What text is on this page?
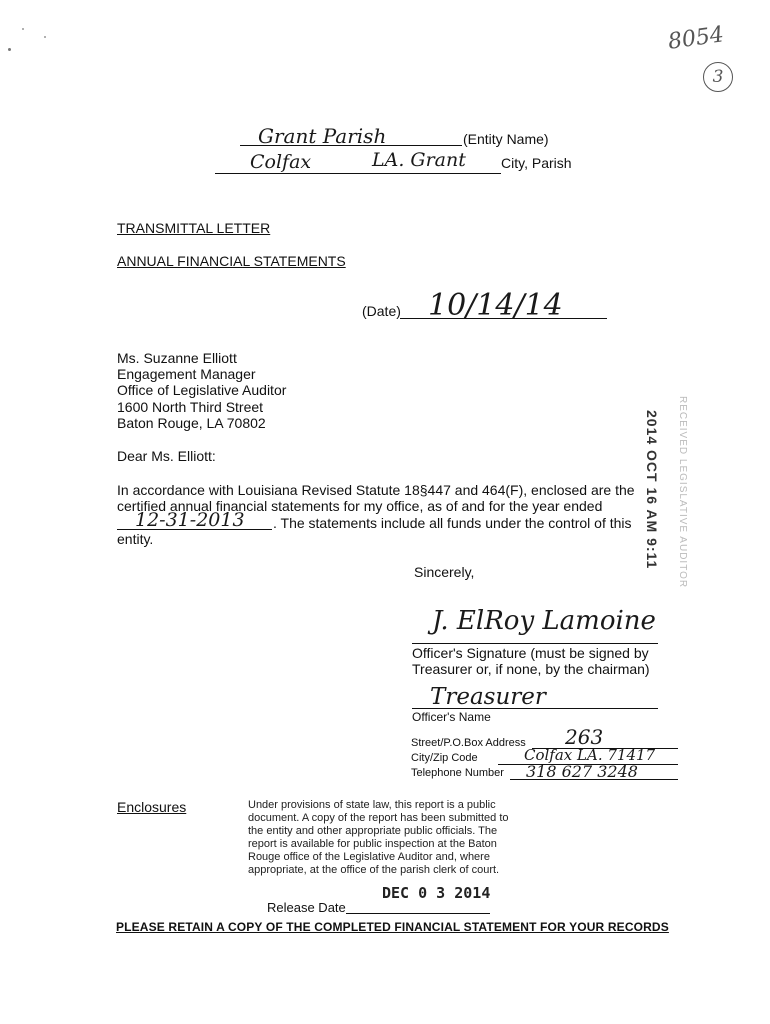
8054
3
Grant Parish	(Entity Name)
Colfax	LA. Grant	City, Parish
TRANSMITTAL LETTER
ANNUAL FINANCIAL STATEMENTS
(Date) 10/14/14
Ms. Suzanne Elliott
Engagement Manager
Office of Legislative Auditor
1600 North Third Street
Baton Rouge, LA 70802
Dear Ms. Elliott:
In accordance with Louisiana Revised Statute 18§447 and 464(F), enclosed are the
certified annual financial statements for my office, as of and for the year ended
12-31-2013 . The statements include all funds under the control of this
entity.	2014 OCT 16 AM 9:11 RECEIVED LEGISLATIVE AUDITOR
Sincerely,
J. ElRoy Lamoine
Officer's Signature (must be signed by
Treasurer or, if none, by the chairman)
Treasurer
Officer's Name
Street/P.O.Box Address 263
City/Zip Code	Colfax LA. 71417
Telephone Number 318 627 3248
Enclosures	Under provisions of state law, this report is a public
document. A copy of the report has been submitted to
the entity and other appropriate public officials. The
report is available for public inspection at the Baton
Rouge office of the Legislative Auditor and, where
appropriate, at the office of the parish clerk of court.
DEC 0 3 2014
Release Date
PLEASE RETAIN A COPY OF THE COMPLETED FINANCIAL STATEMENT FOR YOUR RECORDS
